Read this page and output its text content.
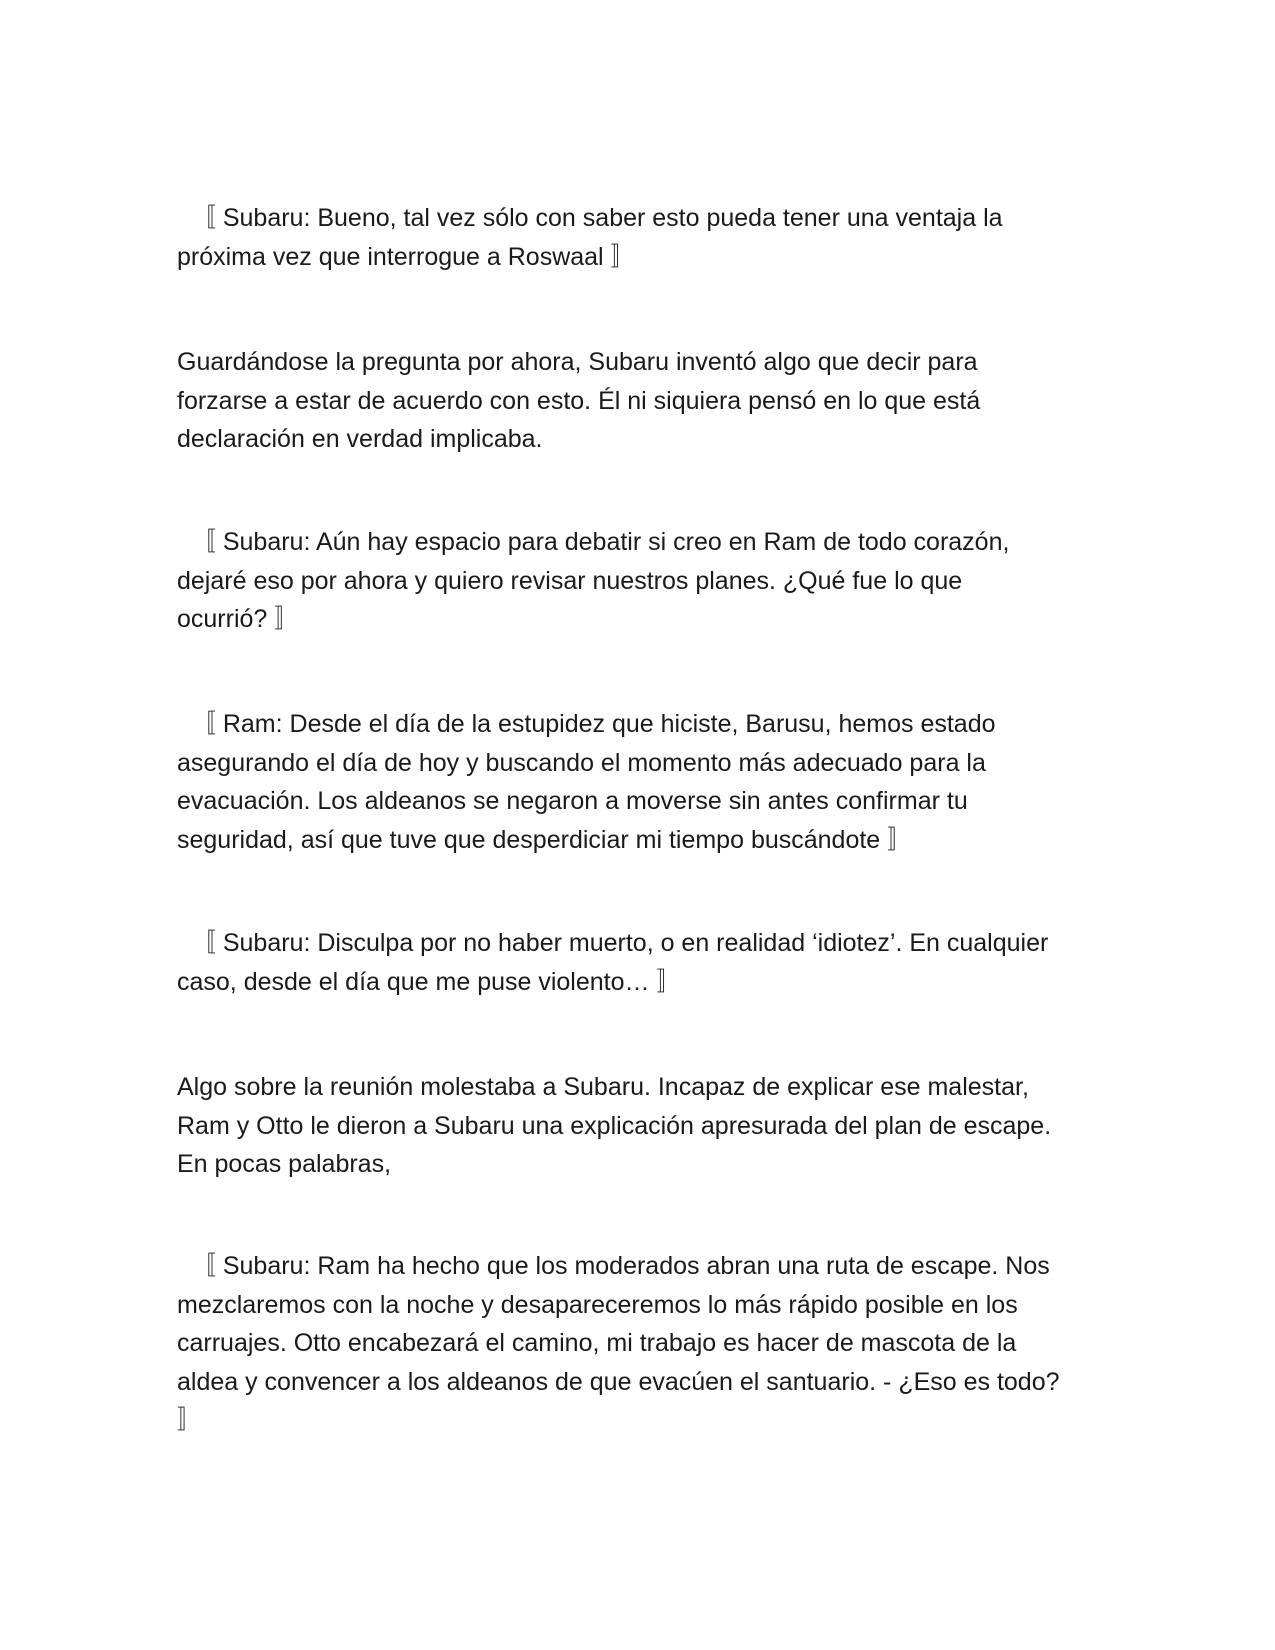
〚 Subaru: Bueno, tal vez sólo con saber esto pueda tener una ventaja la
próxima vez que interrogue a Roswaal 〛

Guardándose la pregunta por ahora, Subaru inventó algo que decir para
forzarse a estar de acuerdo con esto. Él ni siquiera pensó en lo que está
declaración en verdad implicaba.

〚 Subaru: Aún hay espacio para debatir si creo en Ram de todo corazón,
dejaré eso por ahora y quiero revisar nuestros planes. ¿Qué fue lo que
ocurrió? 〛

〚 Ram: Desde el día de la estupidez que hiciste, Barusu, hemos estado
asegurando el día de hoy y buscando el momento más adecuado para la
evacuación. Los aldeanos se negaron a moverse sin antes confirmar tu
seguridad, así que tuve que desperdiciar mi tiempo buscándote 〛

〚 Subaru: Disculpa por no haber muerto, o en realidad ‘idiotez’. En cualquier
caso, desde el día que me puse violento… 〛

Algo sobre la reunión molestaba a Subaru. Incapaz de explicar ese malestar,
Ram y Otto le dieron a Subaru una explicación apresurada del plan de escape.
En pocas palabras,

〚 Subaru: Ram ha hecho que los moderados abran una ruta de escape. Nos
mezclaremos con la noche y desapareceremos lo más rápido posible en los
carruajes. Otto encabezará el camino, mi trabajo es hacer de mascota de la
aldea y convencer a los aldeanos de que evacúen el santuario. - ¿Eso es todo?
〛
